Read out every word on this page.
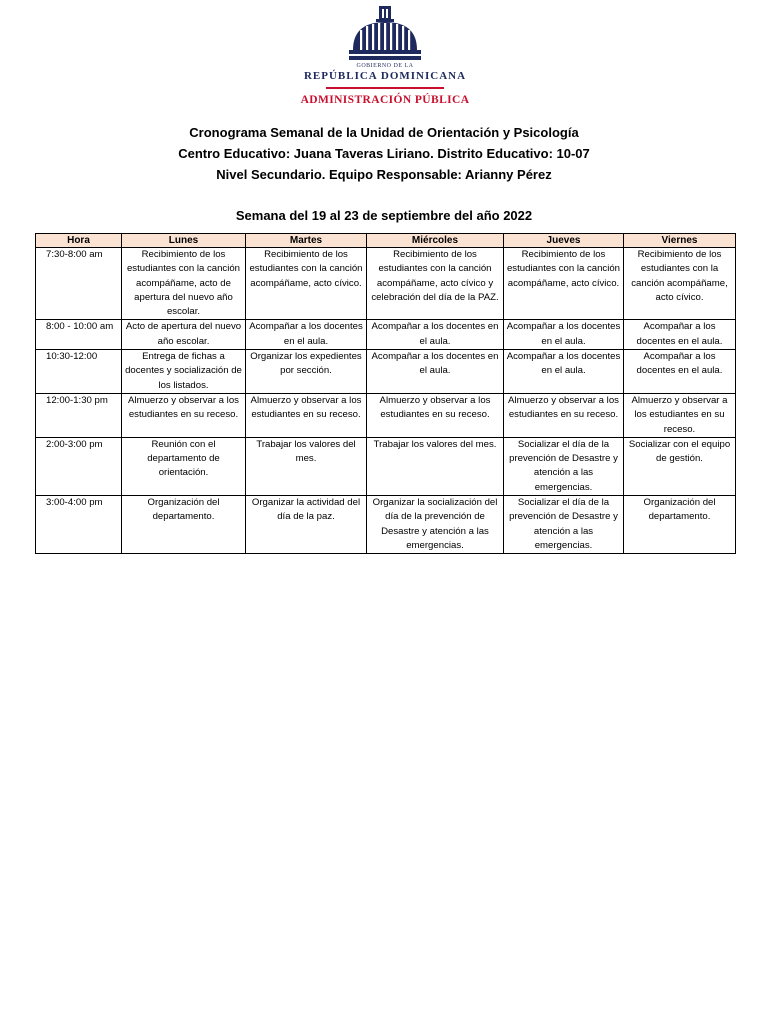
GOBIERNO DE LA
REPÚBLICA DOMINICANA
ADMINISTRACIÓN PÚBLICA
Cronograma Semanal de la Unidad de Orientación y Psicología
Centro Educativo: Juana Taveras Liriano. Distrito Educativo: 10-07
Nivel Secundario. Equipo Responsable: Arianny Pérez
Semana del 19 al 23 de septiembre del año 2022
Hora	Lunes	Martes	Miércoles	Jueves	Viernes
7:30-8:00 am	Recibimiento de los estudiantes con la canción acompáñame, acto de apertura del nuevo año escolar.	Recibimiento de los estudiantes con la canción acompáñame, acto cívico.	Recibimiento de los estudiantes con la canción acompáñame, acto cívico y celebración del día de la PAZ.	Recibimiento de los estudiantes con la canción acompáñame, acto cívico.	Recibimiento de los estudiantes con la canción acompáñame, acto cívico.
8:00 - 10:00 am	Acto de apertura del nuevo año escolar.	Acompañar a los docentes en el aula.	Acompañar a los docentes en el aula.	Acompañar a los docentes en el aula.	Acompañar a los docentes en el aula.
10:30-12:00	Entrega de fichas a docentes y socialización de los listados.	Organizar los expedientes por sección.	Acompañar a los docentes en el aula.	Acompañar a los docentes en el aula.	Acompañar a los docentes en el aula.
12:00-1:30 pm	Almuerzo y observar a los estudiantes en su receso.	Almuerzo y observar a los estudiantes en su receso.	Almuerzo y observar a los estudiantes en su receso.	Almuerzo y observar a los estudiantes en su receso.	Almuerzo y observar a los estudiantes en su receso.
2:00-3:00 pm	Reunión con el departamento de orientación.	Trabajar los valores del mes.	Trabajar los valores del mes.	Socializar el día de la prevención de Desastre y atención a las emergencias.	Socializar con el equipo de gestión.
3:00-4:00 pm	Organización del departamento.	Organizar la actividad del día de la paz.	Organizar la socialización del día de la prevención de Desastre y atención a las emergencias.	Socializar el día de la prevención de Desastre y atención a las emergencias.	Organización del departamento.
